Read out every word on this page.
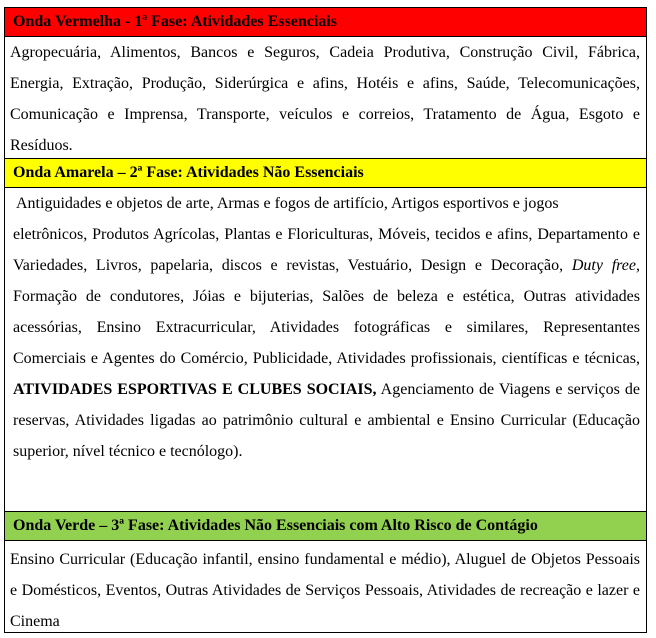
Onda Vermelha - 1ª Fase: Atividades Essenciais
Agropecuária, Alimentos, Bancos e Seguros, Cadeia Produtiva, Construção Civil, Fábrica, Energia, Extração, Produção, Siderúrgica e afins, Hotéis e afins, Saúde, Telecomunicações, Comunicação e Imprensa, Transporte, veículos e correios, Tratamento de Água, Esgoto e Resíduos.
Onda Amarela – 2ª Fase: Atividades Não Essenciais
Antiguidades e objetos de arte, Armas e fogos de artifício, Artigos esportivos e jogos
eletrônicos, Produtos Agrícolas, Plantas e Floriculturas, Móveis, tecidos e afins, Departamento e Variedades, Livros, papelaria, discos e revistas, Vestuário, Design e Decoração, Duty free, Formação de condutores, Jóias e bijuterias, Salões de beleza e estética, Outras atividades acessórias, Ensino Extracurricular, Atividades fotográficas e similares, Representantes Comerciais e Agentes do Comércio, Publicidade, Atividades profissionais, científicas e técnicas, ATIVIDADES ESPORTIVAS E CLUBES SOCIAIS, Agenciamento de Viagens e serviços de reservas, Atividades ligadas ao patrimônio cultural e ambiental e Ensino Curricular (Educação superior, nível técnico e tecnólogo).
Onda Verde – 3ª Fase: Atividades Não Essenciais com Alto Risco de Contágio
Ensino Curricular (Educação infantil, ensino fundamental e médio), Aluguel de Objetos Pessoais e Domésticos, Eventos, Outras Atividades de Serviços Pessoais, Atividades de recreação e lazer e Cinema
